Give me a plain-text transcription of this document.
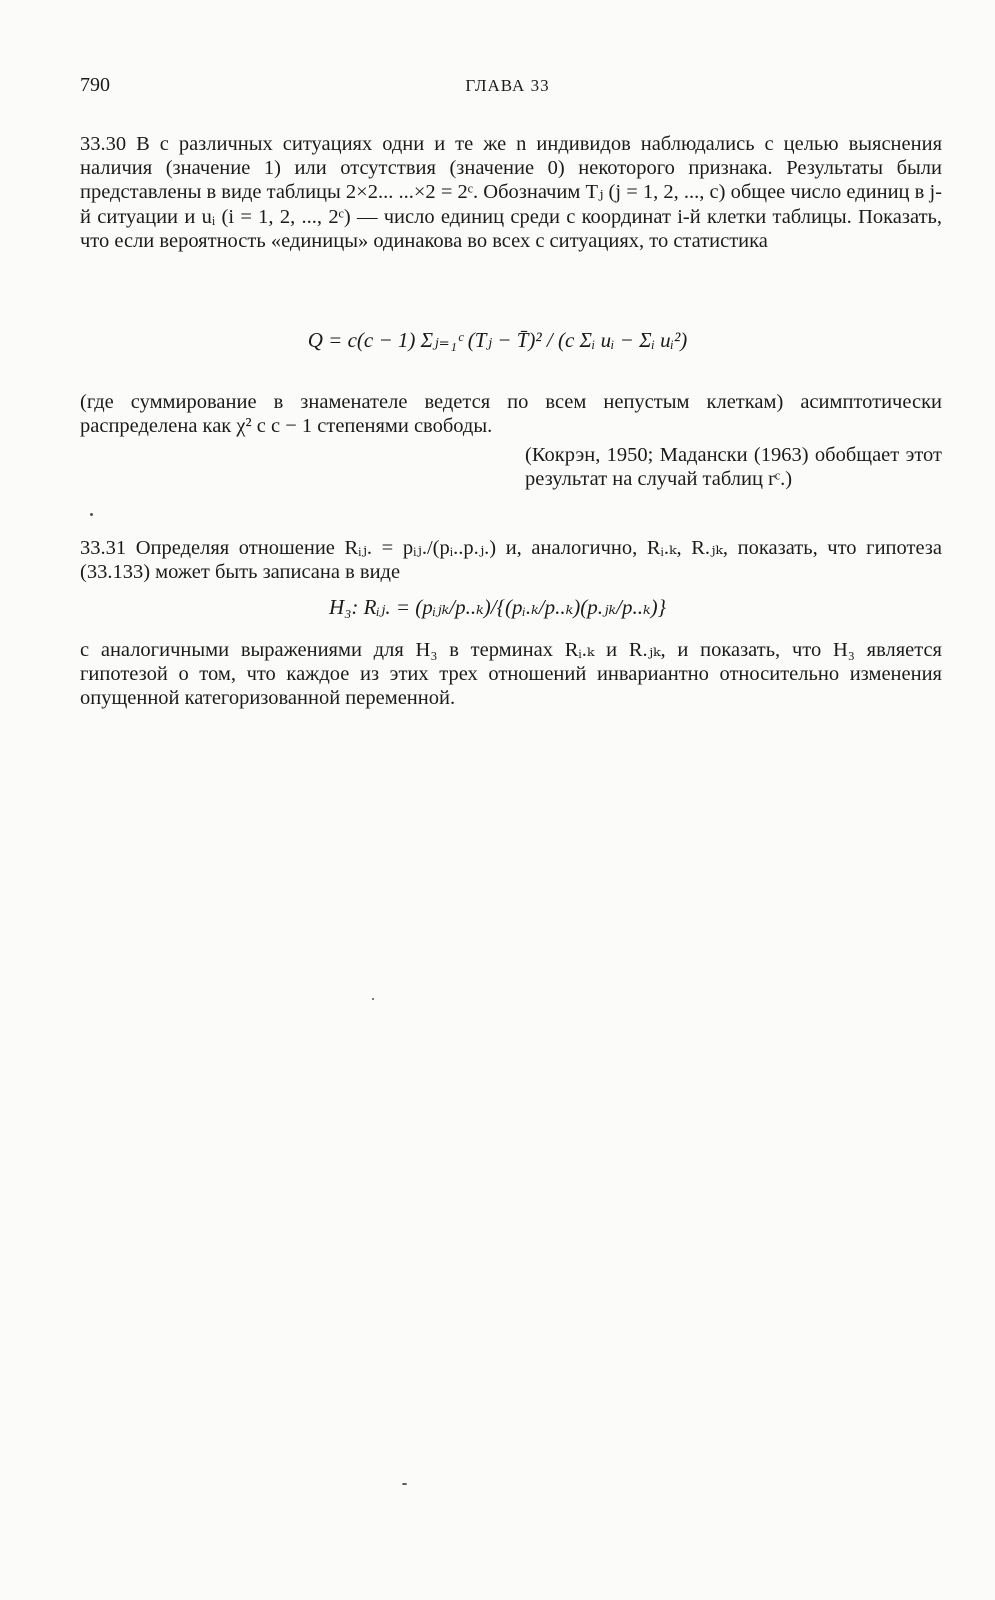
790	ГЛАВА 33
33.30 В c различных ситуациях одни и те же n индивидов наблюдались с целью выяснения наличия (значение 1) или отсутствия (значение 0) некоторого признака. Результаты были представлены в виде таблицы 2×2... ...×2 = 2ᶜ. Обозначим Tⱼ (j = 1, 2, ..., c) общее число единиц в j-й ситуации и uᵢ (i = 1, 2, ..., 2ᶜ) — число единиц среди c координат i-й клетки таблицы. Показать, что если вероятность «единицы» одинакова во всех c ситуациях, то статистика
Q = c(c − 1) Σⱼ₌₁ᶜ (Tⱼ − T̄)² / (c Σᵢ uᵢ − Σᵢ uᵢ²)
(где суммирование в знаменателе ведется по всем непустым клеткам) асимптотически распределена как χ² с c − 1 степенями свободы.
(Кокрэн, 1950; Мадански (1963) обобщает этот результат на случай таблиц rᶜ.)
33.31 Определяя отношение Rᵢⱼ. = pᵢⱼ./(pᵢ..p.ⱼ.) и, аналогично, Rᵢ.ₖ, R.ⱼₖ, показать, что гипотеза (33.133) может быть записана в виде
H₃: Rᵢⱼ. = (pᵢⱼₖ/p..ₖ)/{(pᵢ.ₖ/p..ₖ)(p.ⱼₖ/p..ₖ)}
с аналогичными выражениями для H₃ в терминах Rᵢ.ₖ и R.ⱼₖ, и показать, что H₃ является гипотезой о том, что каждое из этих трех отношений инвариантно относительно изменения опущенной категоризованной переменной.
